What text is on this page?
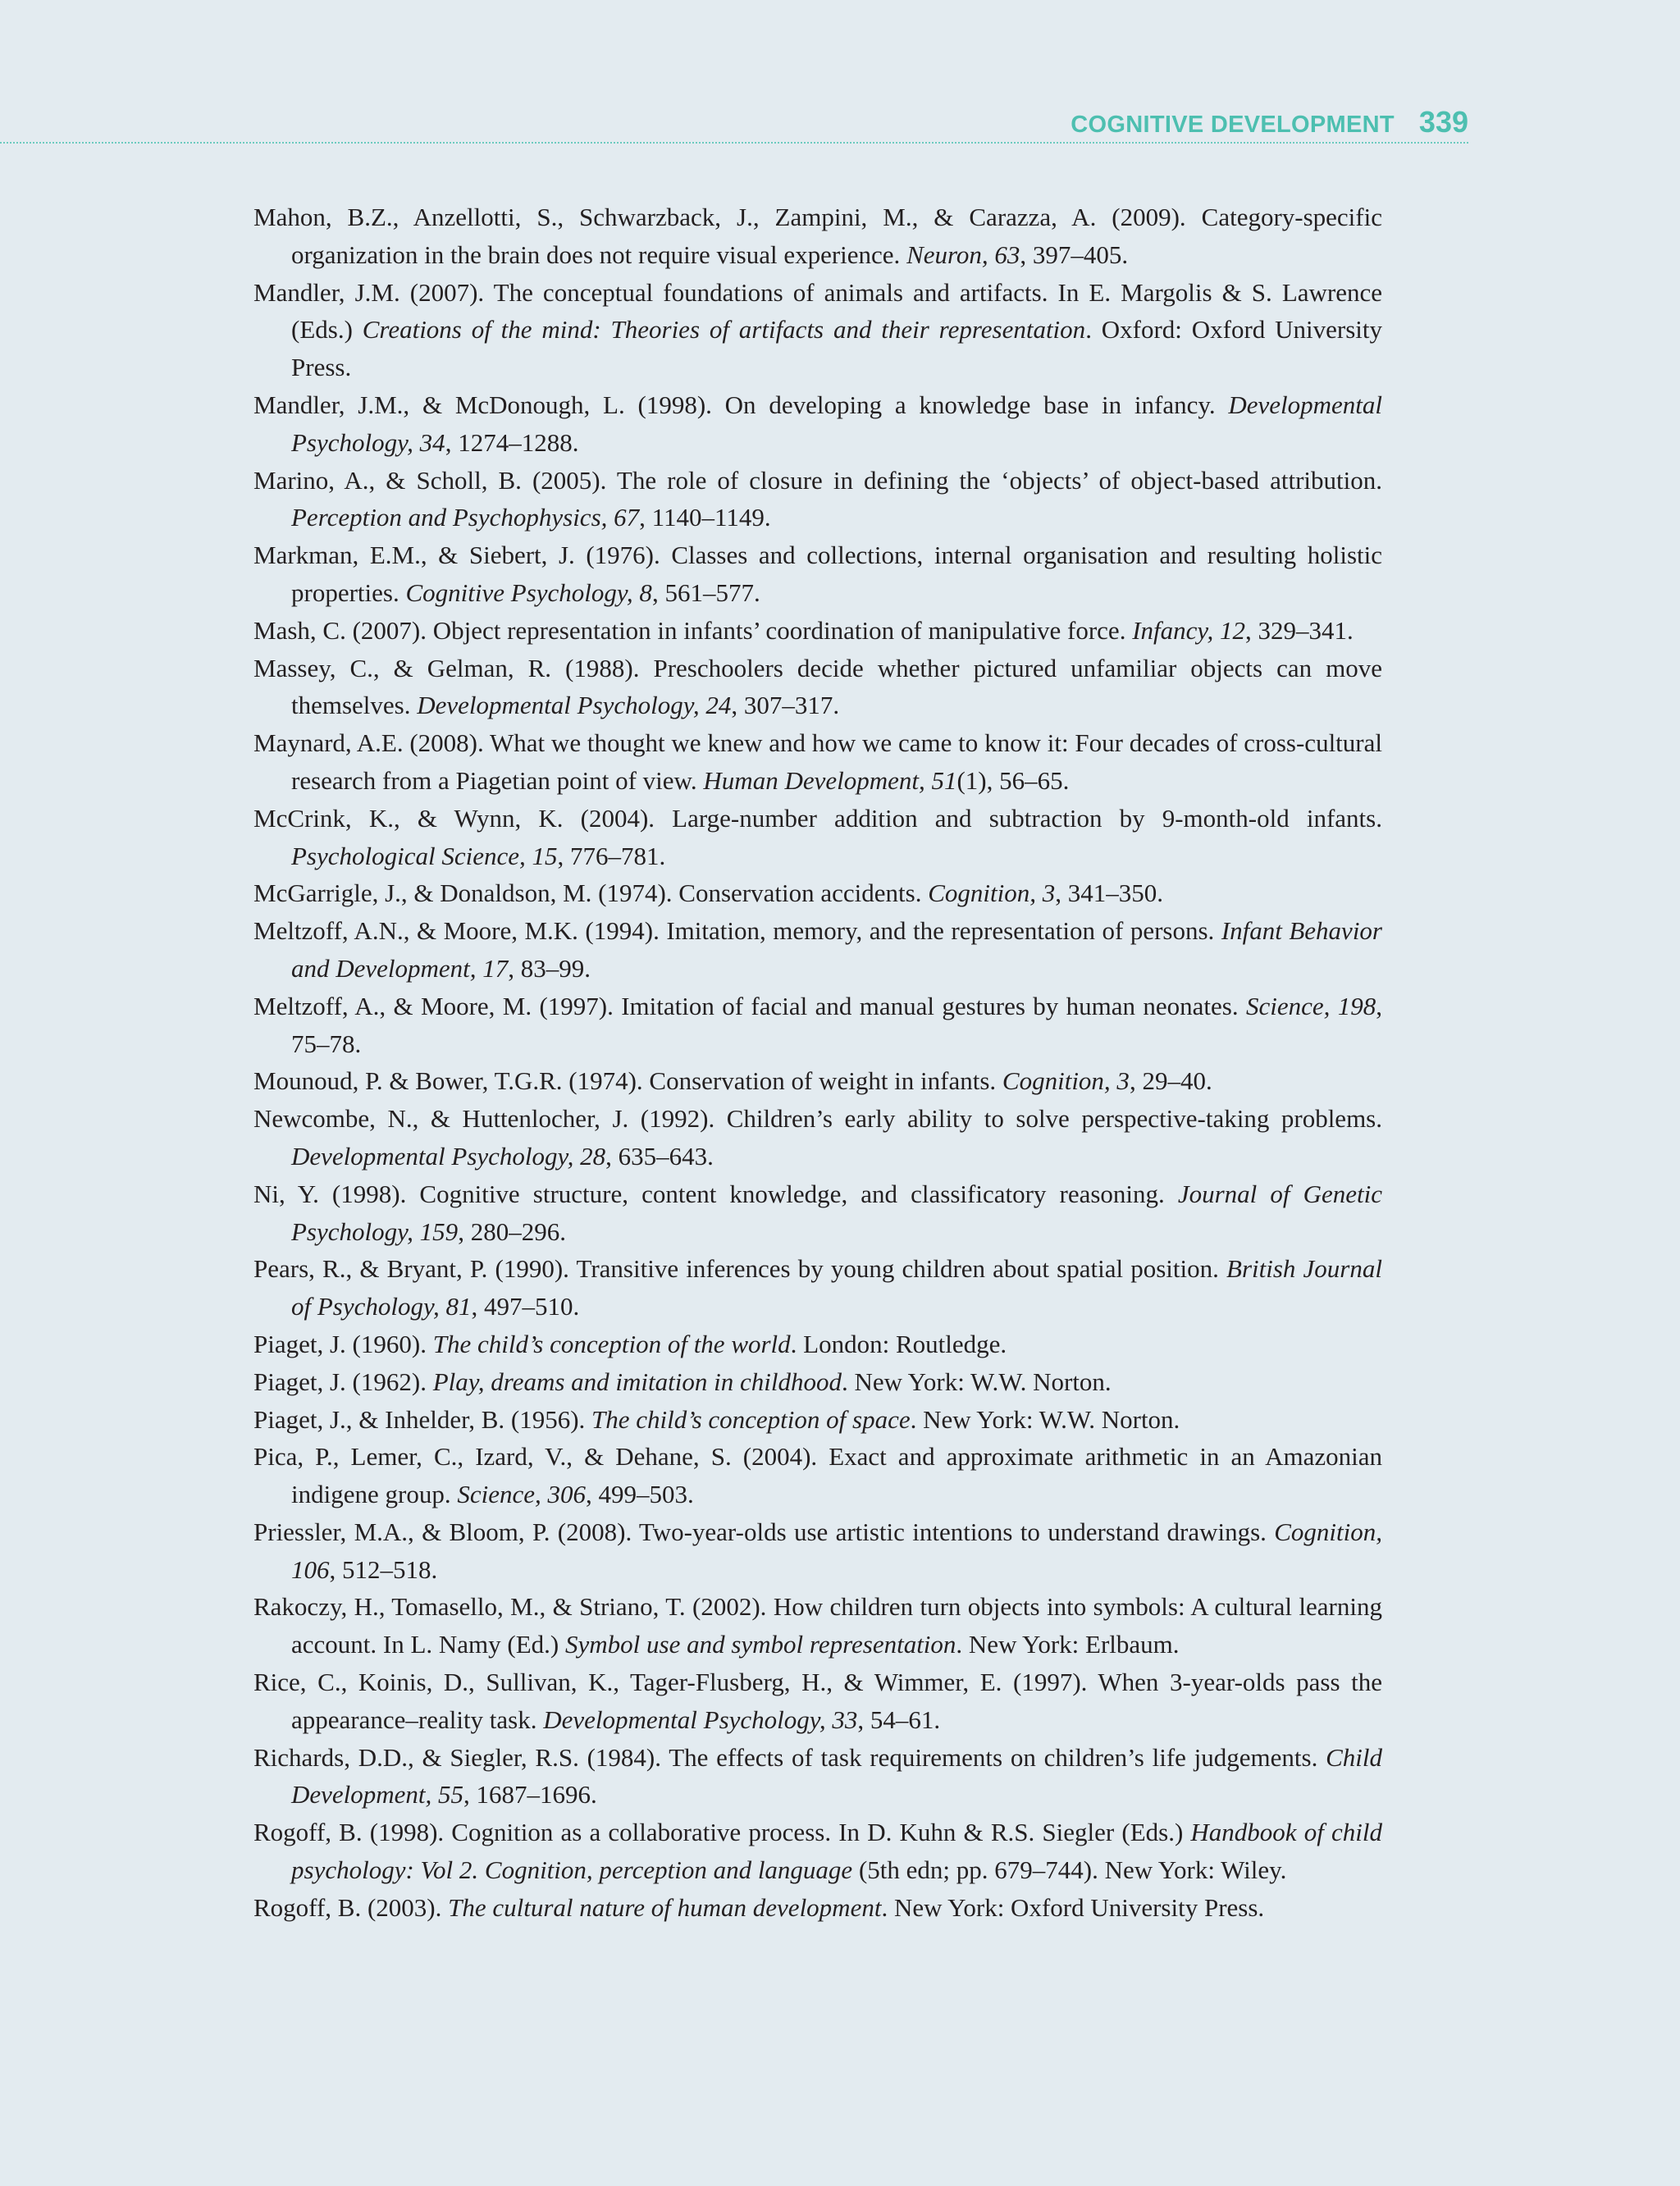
COGNITIVE DEVELOPMENT 339
Mahon, B.Z., Anzellotti, S., Schwarzback, J., Zampini, M., & Carazza, A. (2009). Category-specific organization in the brain does not require visual experience. Neuron, 63, 397–405.
Mandler, J.M. (2007). The conceptual foundations of animals and artifacts. In E. Margolis & S. Lawrence (Eds.) Creations of the mind: Theories of artifacts and their representation. Oxford: Oxford University Press.
Mandler, J.M., & McDonough, L. (1998). On developing a knowledge base in infancy. Developmental Psychology, 34, 1274–1288.
Marino, A., & Scholl, B. (2005). The role of closure in defining the ‘objects’ of object-based attribution. Perception and Psychophysics, 67, 1140–1149.
Markman, E.M., & Siebert, J. (1976). Classes and collections, internal organisation and resulting holistic properties. Cognitive Psychology, 8, 561–577.
Mash, C. (2007). Object representation in infants’ coordination of manipulative force. Infancy, 12, 329–341.
Massey, C., & Gelman, R. (1988). Preschoolers decide whether pictured unfamiliar objects can move themselves. Developmental Psychology, 24, 307–317.
Maynard, A.E. (2008). What we thought we knew and how we came to know it: Four decades of cross-cultural research from a Piagetian point of view. Human Development, 51(1), 56–65.
McCrink, K., & Wynn, K. (2004). Large-number addition and subtraction by 9-month-old infants. Psychological Science, 15, 776–781.
McGarrigle, J., & Donaldson, M. (1974). Conservation accidents. Cognition, 3, 341–350.
Meltzoff, A.N., & Moore, M.K. (1994). Imitation, memory, and the representation of persons. Infant Behavior and Development, 17, 83–99.
Meltzoff, A., & Moore, M. (1997). Imitation of facial and manual gestures by human neonates. Science, 198, 75–78.
Mounoud, P. & Bower, T.G.R. (1974). Conservation of weight in infants. Cognition, 3, 29–40.
Newcombe, N., & Huttenlocher, J. (1992). Children’s early ability to solve perspective-taking problems. Developmental Psychology, 28, 635–643.
Ni, Y. (1998). Cognitive structure, content knowledge, and classificatory reasoning. Journal of Genetic Psychology, 159, 280–296.
Pears, R., & Bryant, P. (1990). Transitive inferences by young children about spatial position. British Journal of Psychology, 81, 497–510.
Piaget, J. (1960). The child’s conception of the world. London: Routledge.
Piaget, J. (1962). Play, dreams and imitation in childhood. New York: W.W. Norton.
Piaget, J., & Inhelder, B. (1956). The child’s conception of space. New York: W.W. Norton.
Pica, P., Lemer, C., Izard, V., & Dehane, S. (2004). Exact and approximate arithmetic in an Amazonian indigene group. Science, 306, 499–503.
Priessler, M.A., & Bloom, P. (2008). Two-year-olds use artistic intentions to understand drawings. Cognition, 106, 512–518.
Rakoczy, H., Tomasello, M., & Striano, T. (2002). How children turn objects into symbols: A cultural learning account. In L. Namy (Ed.) Symbol use and symbol representation. New York: Erlbaum.
Rice, C., Koinis, D., Sullivan, K., Tager-Flusberg, H., & Wimmer, E. (1997). When 3-year-olds pass the appearance–reality task. Developmental Psychology, 33, 54–61.
Richards, D.D., & Siegler, R.S. (1984). The effects of task requirements on children’s life judgements. Child Development, 55, 1687–1696.
Rogoff, B. (1998). Cognition as a collaborative process. In D. Kuhn & R.S. Siegler (Eds.) Handbook of child psychology: Vol 2. Cognition, perception and language (5th edn; pp. 679–744). New York: Wiley.
Rogoff, B. (2003). The cultural nature of human development. New York: Oxford University Press.
